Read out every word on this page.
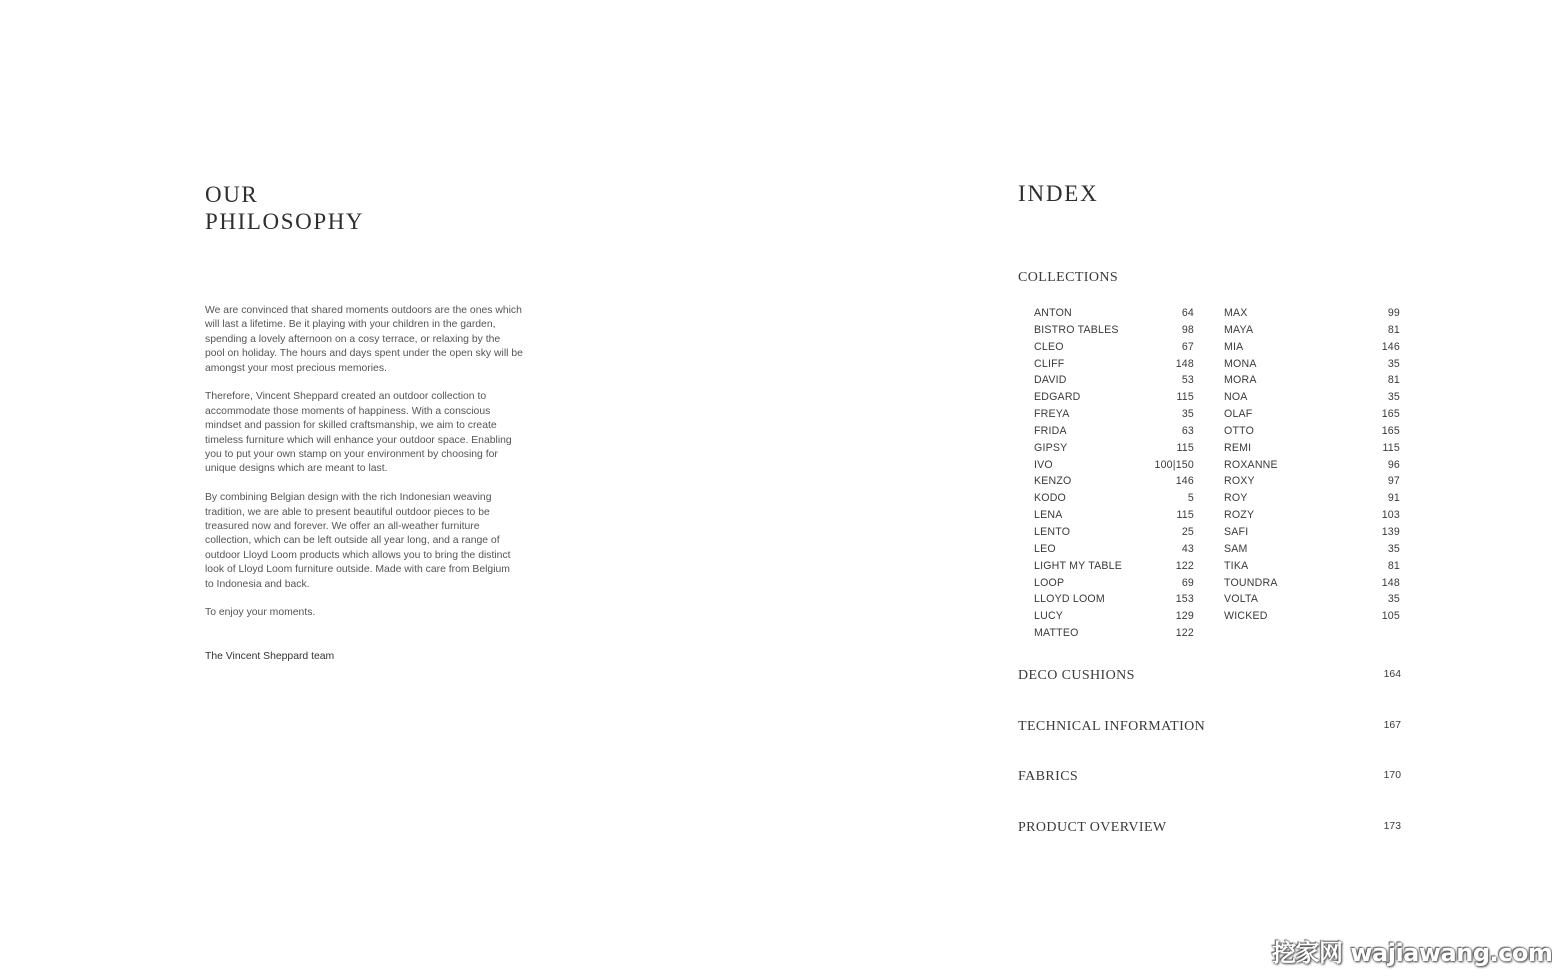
OUR
PHILOSOPHY

We are convinced that shared moments outdoors are the ones which
will last a lifetime. Be it playing with your children in the garden,
spending a lovely afternoon on a cosy terrace, or relaxing by the
pool on holiday. The hours and days spent under the open sky will be
amongst your most precious memories.

Therefore, Vincent Sheppard created an outdoor collection to
accommodate those moments of happiness. With a conscious
mindset and passion for skilled craftsmanship, we aim to create
timeless furniture which will enhance your outdoor space. Enabling
you to put your own stamp on your environment by choosing for
unique designs which are meant to last.

By combining Belgian design with the rich Indonesian weaving
tradition, we are able to present beautiful outdoor pieces to be
treasured now and forever. We offer an all-weather furniture
collection, which can be left outside all year long, and a range of
outdoor Lloyd Loom products which allows you to bring the distinct
look of Lloyd Loom furniture outside. Made with care from Belgium
to Indonesia and back.

To enjoy your moments.

The Vincent Sheppard team
INDEX
COLLECTIONS
ANTON	64
BISTRO TABLES	98
CLEO	67
CLIFF	148
DAVID	53
EDGARD	115
FREYA	35
FRIDA	63
GIPSY	115
IVO	100|150
KENZO	146
KODO	5
LENA	115
LENTO	25
LEO	43
LIGHT MY TABLE	122
LOOP	69
LLOYD LOOM	153
LUCY	129
MATTEO	122
MAX	99
MAYA	81
MIA	146
MONA	35
MORA	81
NOA	35
OLAF	165
OTTO	165
REMI	115
ROXANNE	96
ROXY	97
ROY	91
ROZY	103
SAFI	139
SAM	35
TIKA	81
TOUNDRA	148
VOLTA	35
WICKED	105
DECO CUSHIONS	164
TECHNICAL INFORMATION	167
FABRICS	170
PRODUCT OVERVIEW	173
挖家网 wajiawang.com
